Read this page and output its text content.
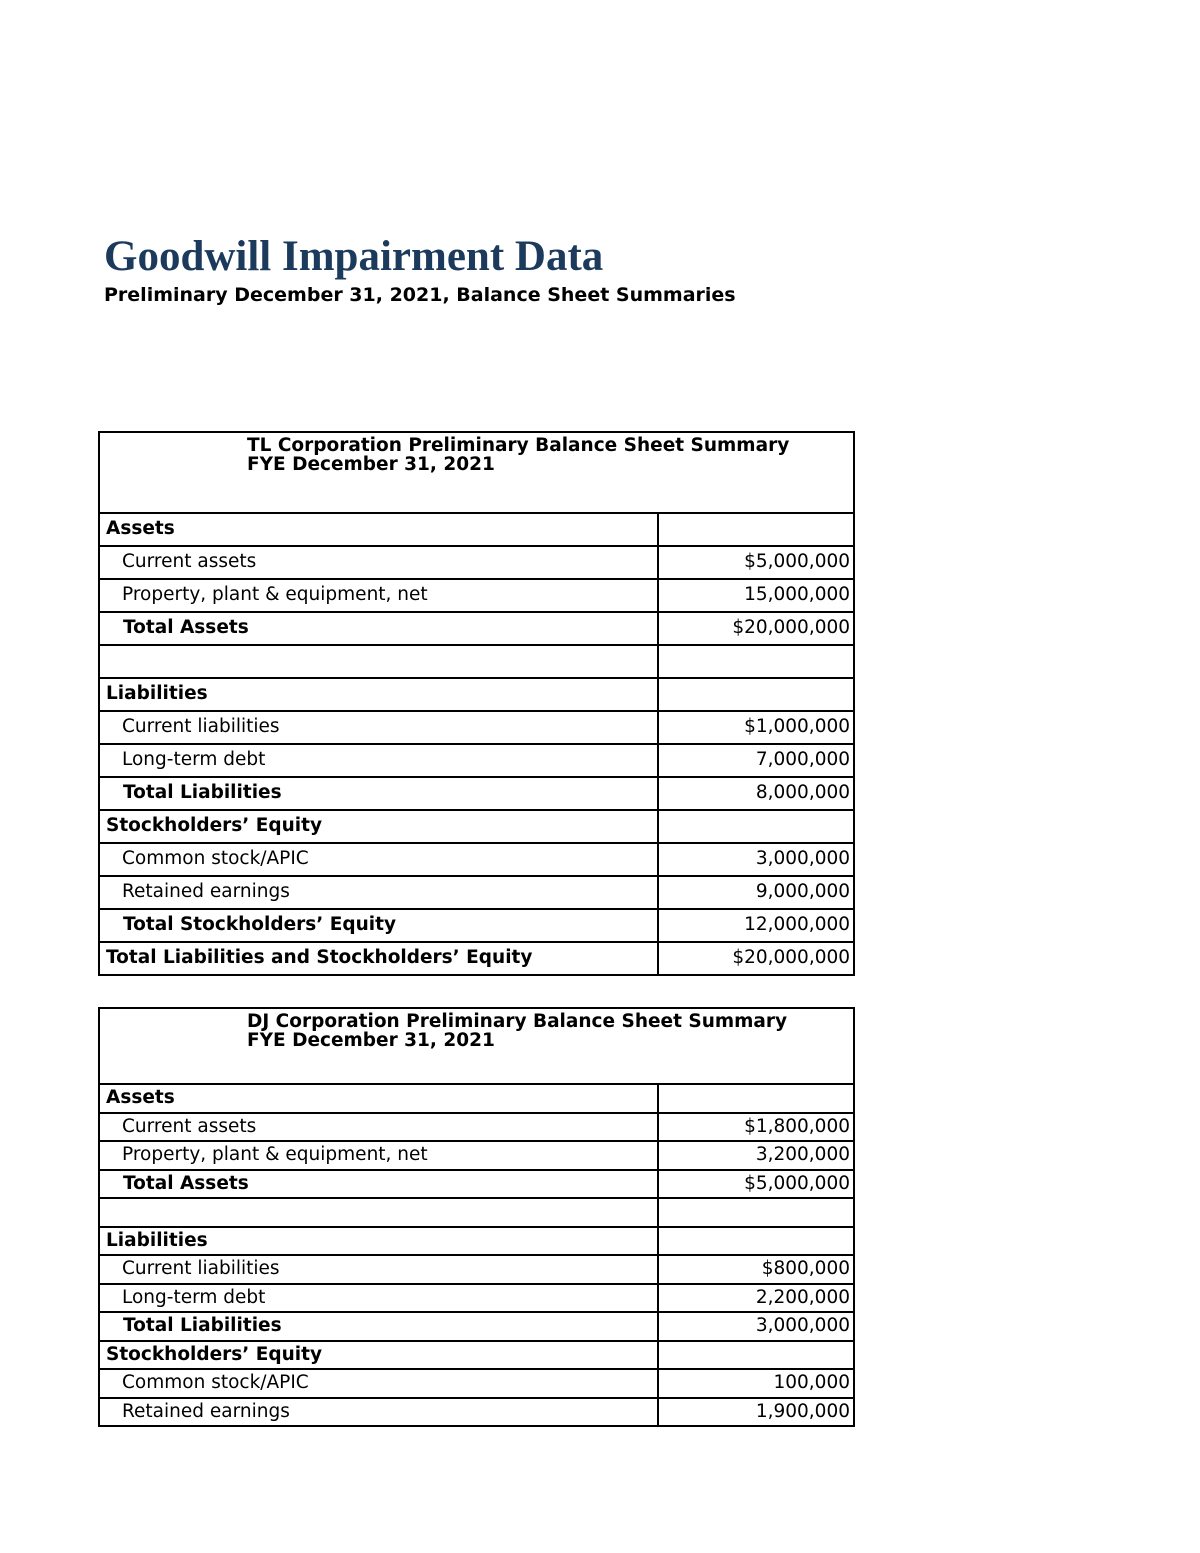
Goodwill Impairment Data
Preliminary December 31, 2021, Balance Sheet Summaries
TL Corporation Preliminary Balance Sheet Summary
FYE December 31, 2021	

Assets	
Current assets	$5,000,000
Property, plant & equipment, net	15,000,000
Total Assets	$20,000,000

Liabilities	
Current liabilities	$1,000,000
Long-term debt	7,000,000
Total Liabilities	8,000,000
Stockholders’ Equity	
Common stock/APIC	3,000,000
Retained earnings	9,000,000
Total Stockholders’ Equity	12,000,000
Total Liabilities and Stockholders’ Equity	$20,000,000
DJ Corporation Preliminary Balance Sheet Summary
FYE December 31, 2021	

Assets	
Current assets	$1,800,000
Property, plant & equipment, net	3,200,000
Total Assets	$5,000,000

Liabilities	
Current liabilities	$800,000
Long-term debt	2,200,000
Total Liabilities	3,000,000
Stockholders’ Equity	
Common stock/APIC	100,000
Retained earnings	1,900,000
